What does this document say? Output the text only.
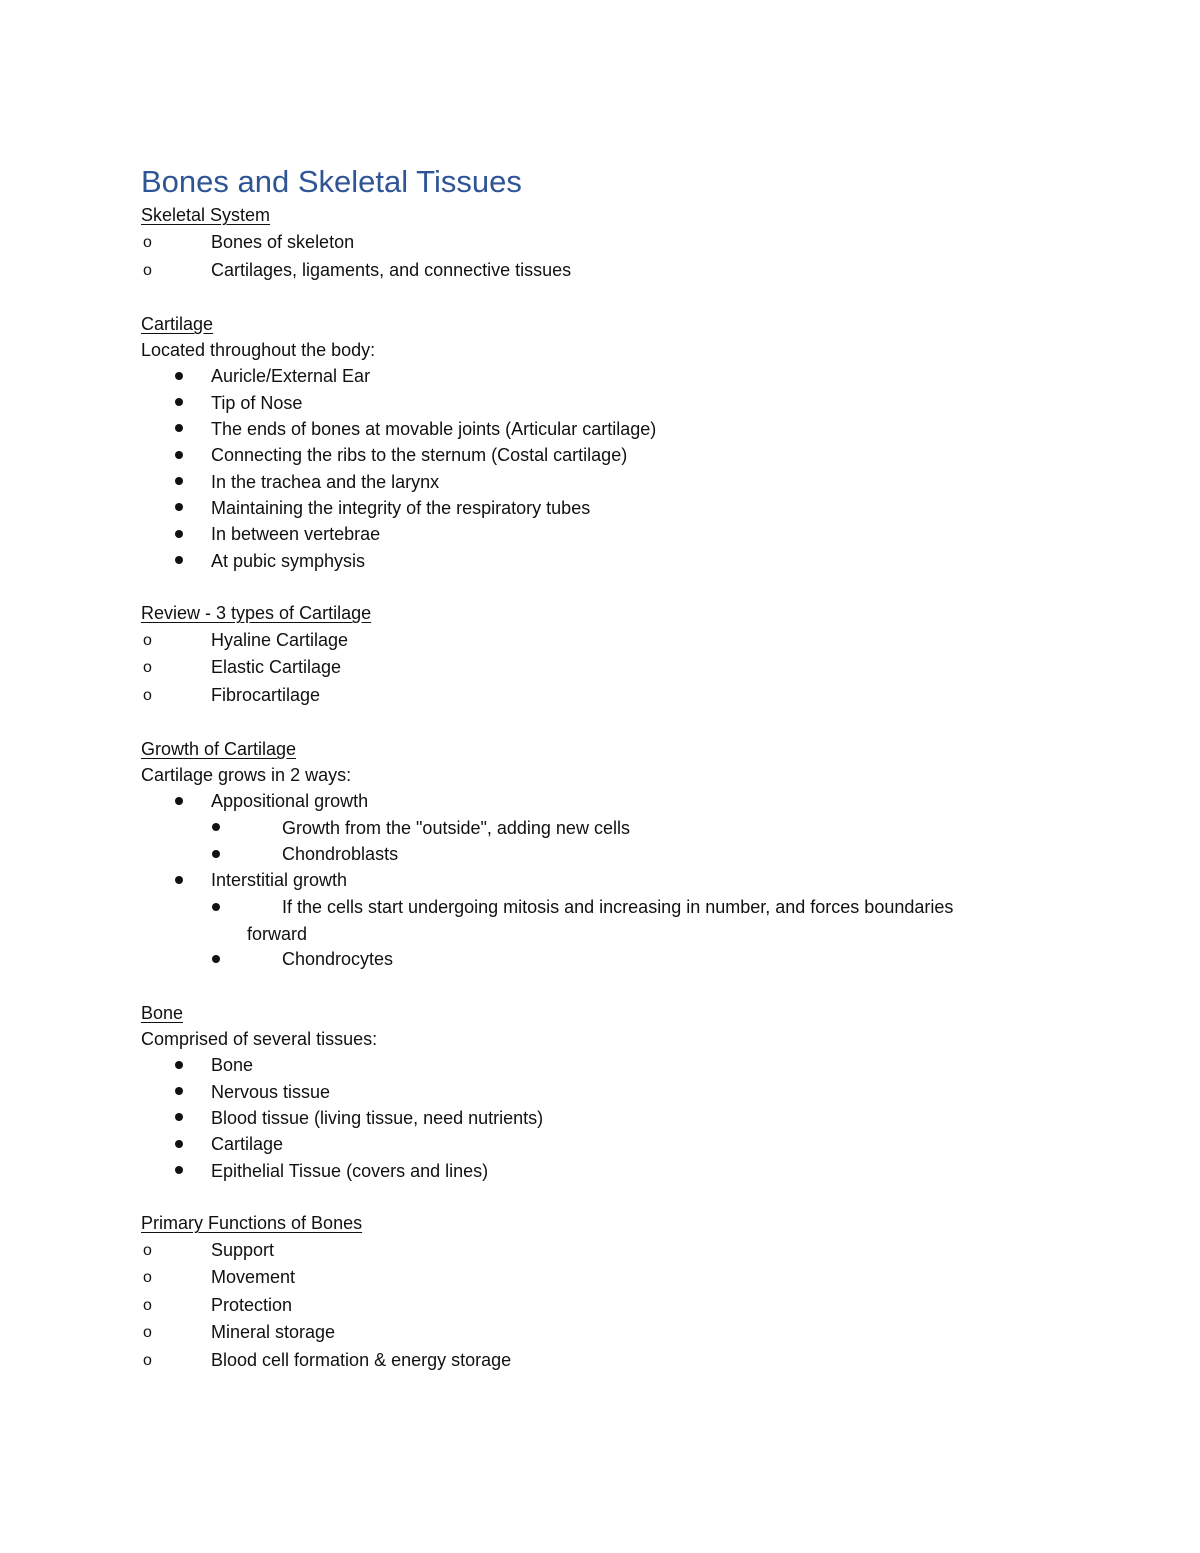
Bones and Skeletal Tissues
Skeletal System
o	Bones of skeleton
o	Cartilages, ligaments, and connective tissues
Cartilage
Located throughout the body:
Auricle/External Ear
Tip of Nose
The ends of bones at movable joints (Articular cartilage)
Connecting the ribs to the sternum (Costal cartilage)
In the trachea and the larynx
Maintaining the integrity of the respiratory tubes
In between vertebrae
At pubic symphysis
Review - 3 types of Cartilage
o	Hyaline Cartilage
o	Elastic Cartilage
o	Fibrocartilage
Growth of Cartilage
Cartilage grows in 2 ways:
Appositional growth
Growth from the "outside", adding new cells
Chondroblasts
Interstitial growth
If the cells start undergoing mitosis and increasing in number, and forces boundaries
forward
Chondrocytes
Bone
Comprised of several tissues:
Bone
Nervous tissue
Blood tissue (living tissue, need nutrients)
Cartilage
Epithelial Tissue (covers and lines)
Primary Functions of Bones
o	Support
o	Movement
o	Protection
o	Mineral storage
o	Blood cell formation & energy storage
